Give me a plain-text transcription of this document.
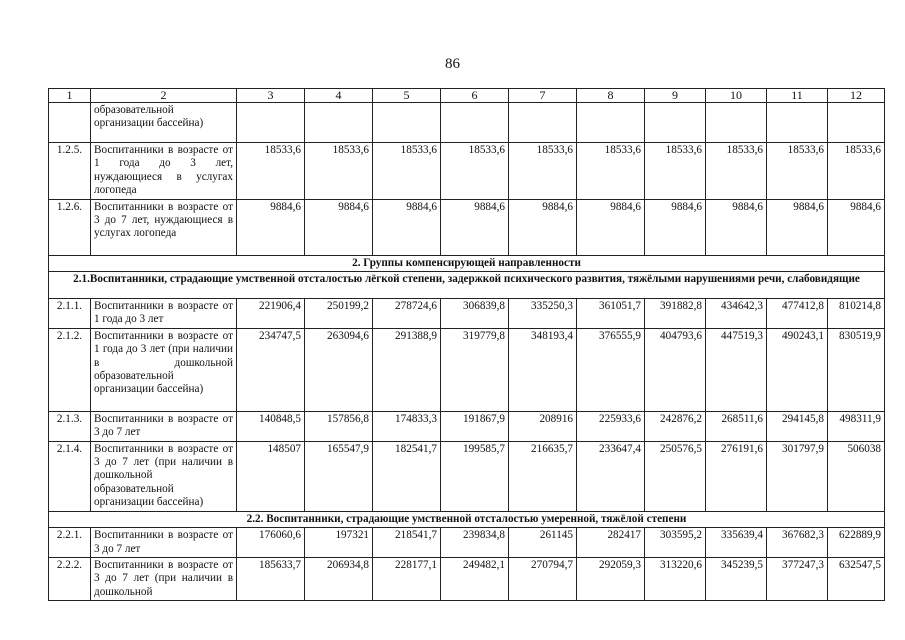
86
1	2	3	4	5	6	7	8	9	10	11	12
	образовательной организации бассейна)										
1.2.5.	Воспитанники в возрасте от 1 года до 3 лет, нуждающиеся в услугах логопеда	18533,6	18533,6	18533,6	18533,6	18533,6	18533,6	18533,6	18533,6	18533,6	18533,6
1.2.6.	Воспитанники в возрасте от 3 до 7 лет, нуждающиеся в услугах логопеда	9884,6	9884,6	9884,6	9884,6	9884,6	9884,6	9884,6	9884,6	9884,6	9884,6
2. Группы компенсирующей направленности											
2.1.Воспитанники, страдающие умственной отсталостью лёгкой степени, задержкой психического развития, тяжёлыми нарушениями речи, слабовидящие											
2.1.1.	Воспитанники в возрасте от 1 года до 3 лет	221906,4	250199,2	278724,6	306839,8	335250,3	361051,7	391882,8	434642,3	477412,8	810214,8
2.1.2.	Воспитанники в возрасте от 1 года до 3 лет (при наличии в дошкольной образовательной организации бассейна)	234747,5	263094,6	291388,9	319779,8	348193,4	376555,9	404793,6	447519,3	490243,1	830519,9
2.1.3.	Воспитанники в возрасте от 3 до 7 лет	140848,5	157856,8	174833,3	191867,9	208916	225933,6	242876,2	268511,6	294145,8	498311,9
2.1.4.	Воспитанники в возрасте от 3 до 7 лет (при наличии в дошкольной образовательной организации бассейна)	148507	165547,9	182541,7	199585,7	216635,7	233647,4	250576,5	276191,6	301797,9	506038
2.2. Воспитанники, страдающие умственной отсталостью умеренной, тяжёлой степени											
2.2.1.	Воспитанники в возрасте от 3 до 7 лет	176060,6	197321	218541,7	239834,8	261145	282417	303595,2	335639,4	367682,3	622889,9
2.2.2.	Воспитанники в возрасте от 3 до 7 лет (при наличии в дошкольной	185633,7	206934,8	228177,1	249482,1	270794,7	292059,3	313220,6	345239,5	377247,3	632547,5
